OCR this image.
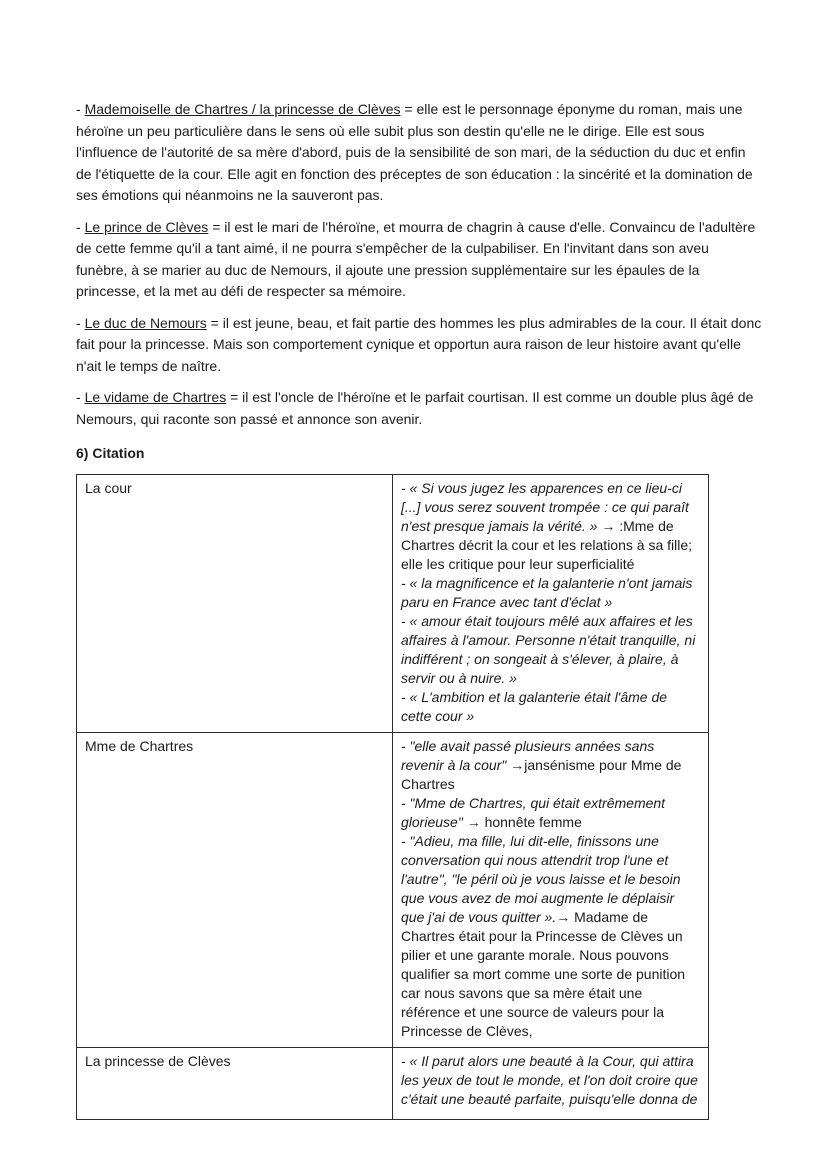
- Mademoiselle de Chartres / la princesse de Clèves = elle est le personnage éponyme du roman, mais une héroïne un peu particulière dans le sens où elle subit plus son destin qu'elle ne le dirige. Elle est sous l'influence de l'autorité de sa mère d'abord, puis de la sensibilité de son mari, de la séduction du duc et enfin de l'étiquette de la cour. Elle agit en fonction des préceptes de son éducation : la sincérité et la domination de ses émotions qui néanmoins ne la sauveront pas.

- Le prince de Clèves = il est le mari de l'héroïne, et mourra de chagrin à cause d'elle. Convaincu de l'adultère de cette femme qu'il a tant aimé, il ne pourra s'empêcher de la culpabiliser. En l'invitant dans son aveu funèbre, à se marier au duc de Nemours, il ajoute une pression supplémentaire sur les épaules de la princesse, et la met au défi de respecter sa mémoire.

- Le duc de Nemours = il est jeune, beau, et fait partie des hommes les plus admirables de la cour. Il était donc fait pour la princesse. Mais son comportement cynique et opportun aura raison de leur histoire avant qu'elle n'ait le temps de naître.

- Le vidame de Chartres = il est l'oncle de l'héroïne et le parfait courtisan. Il est comme un double plus âgé de Nemours, qui raconte son passé et annonce son avenir.

6) Citation
La cour	- « Si vous jugez les apparences en ce lieu-ci [...] vous serez souvent trompée : ce qui paraît n'est presque jamais la vérité. » → :Mme de Chartres décrit la cour et les relations à sa fille; elle les critique pour leur superficialité
- « la magnificence et la galanterie n'ont jamais paru en France avec tant d'éclat »
- « amour était toujours mêlé aux affaires et les affaires à l'amour. Personne n'était tranquille, ni indifférent ; on songeait à s'élever, à plaire, à servir ou à nuire. »
- « L'ambition et la galanterie était l'âme de cette cour »

Mme de Chartres	- "elle avait passé plusieurs années sans revenir à la cour" →jansénisme pour Mme de Chartres
- "Mme de Chartres, qui était extrêmement glorieuse" → honnête femme
- "Adieu, ma fille, lui dit-elle, finissons une conversation qui nous attendrit trop l'une et l'autre", "le péril où je vous laisse et le besoin que vous avez de moi augmente le déplaisir que j'ai de vous quitter ».→ Madame de Chartres était pour la Princesse de Clèves un pilier et une garante morale. Nous pouvons qualifier sa mort comme une sorte de punition car nous savons que sa mère était une référence et une source de valeurs pour la Princesse de Clèves,

La princesse de Clèves	- « Il parut alors une beauté à la Cour, qui attira les yeux de tout le monde, et l'on doit croire que c'était une beauté parfaite, puisqu'elle donna de
